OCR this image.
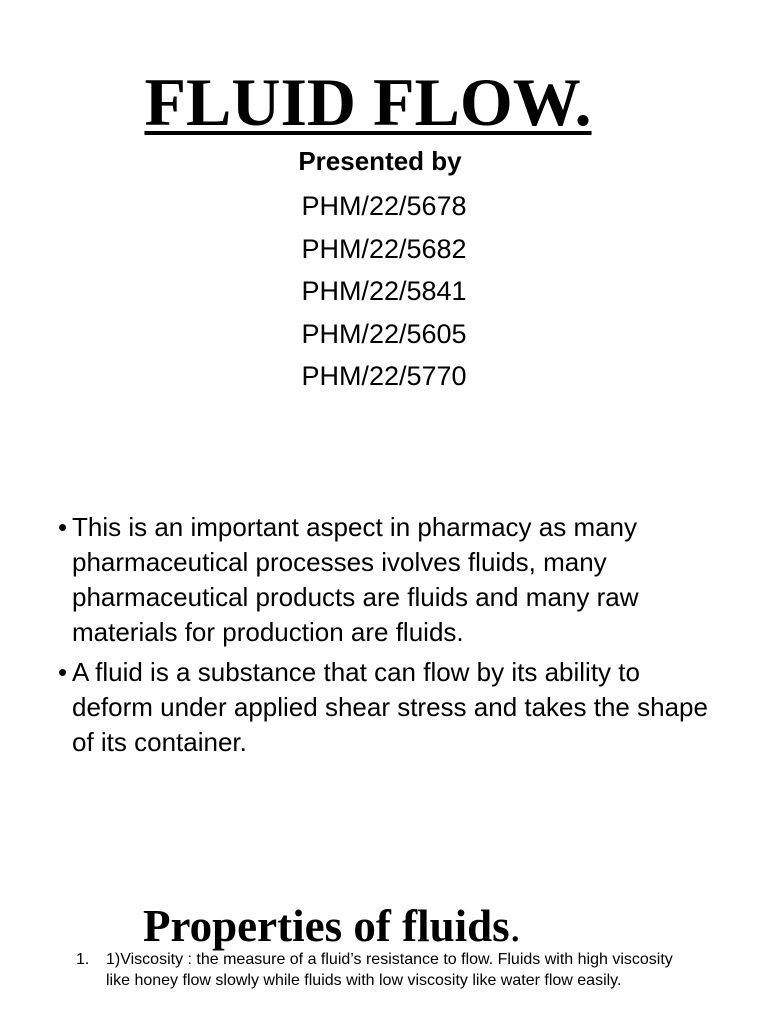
FLUID FLOW.
Presented by
PHM/22/5678
PHM/22/5682
PHM/22/5841
PHM/22/5605
PHM/22/5770
• This is an important aspect in pharmacy as many pharmaceutical processes ivolves fluids, many pharmaceutical products are fluids and many raw materials for production are fluids.
• A fluid is a substance that can flow by its ability to deform under applied shear stress and takes the shape of its container.
Properties of fluids.
1. 1)Viscosity : the measure of a fluid’s resistance to flow. Fluids with high viscosity like honey flow slowly while fluids with low viscosity like water flow easily.
